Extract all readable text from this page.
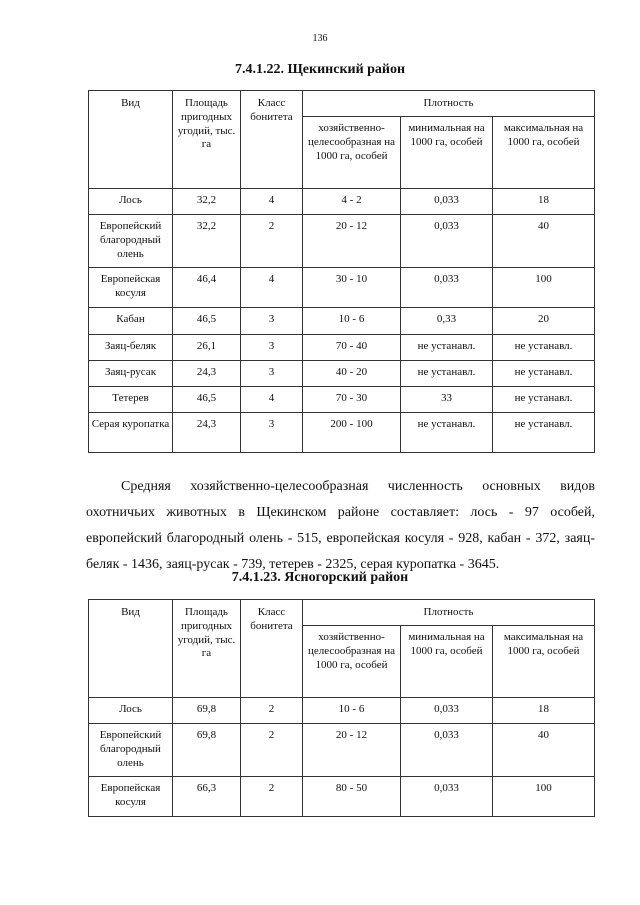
136
7.4.1.22. Щекинский район
Вид	Площадь пригодных угодий, тыс. га	Класс бонитета	Плотность		
			хозяйственно-целесообразная на 1000 га, особей	минимальная на 1000 га, особей	максимальная на 1000 га, особей
Лось	32,2	4	4 - 2	0,033	18
Европейский благородный олень	32,2	2	20 - 12	0,033	40
Европейская косуля	46,4	4	30 - 10	0,033	100
Кабан	46,5	3	10 - 6	0,33	20
Заяц-беляк	26,1	3	70 - 40	не устанавл.	не устанавл.
Заяц-русак	24,3	3	40 - 20	не устанавл.	не устанавл.
Тетерев	46,5	4	70 - 30	33	не устанавл.
Серая куропатка	24,3	3	200 - 100	не устанавл.	не устанавл.

Средняя хозяйственно-целесообразная численность основных видов охотничьих животных в Щекинском районе составляет: лось - 97 особей, европейский благородный олень - 515, европейская косуля - 928, кабан - 372, заяц-беляк - 1436, заяц-русак - 739, тетерев - 2325, серая куропатка - 3645.

7.4.1.23. Ясногорский район
Вид	Площадь пригодных угодий, тыс. га	Класс бонитета	Плотность		
			хозяйственно-целесообразная на 1000 га, особей	минимальная на 1000 га, особей	максимальная на 1000 га, особей
Лось	69,8	2	10 - 6	0,033	18
Европейский благородный олень	69,8	2	20 - 12	0,033	40
Европейская косуля	66,3	2	80 - 50	0,033	100
